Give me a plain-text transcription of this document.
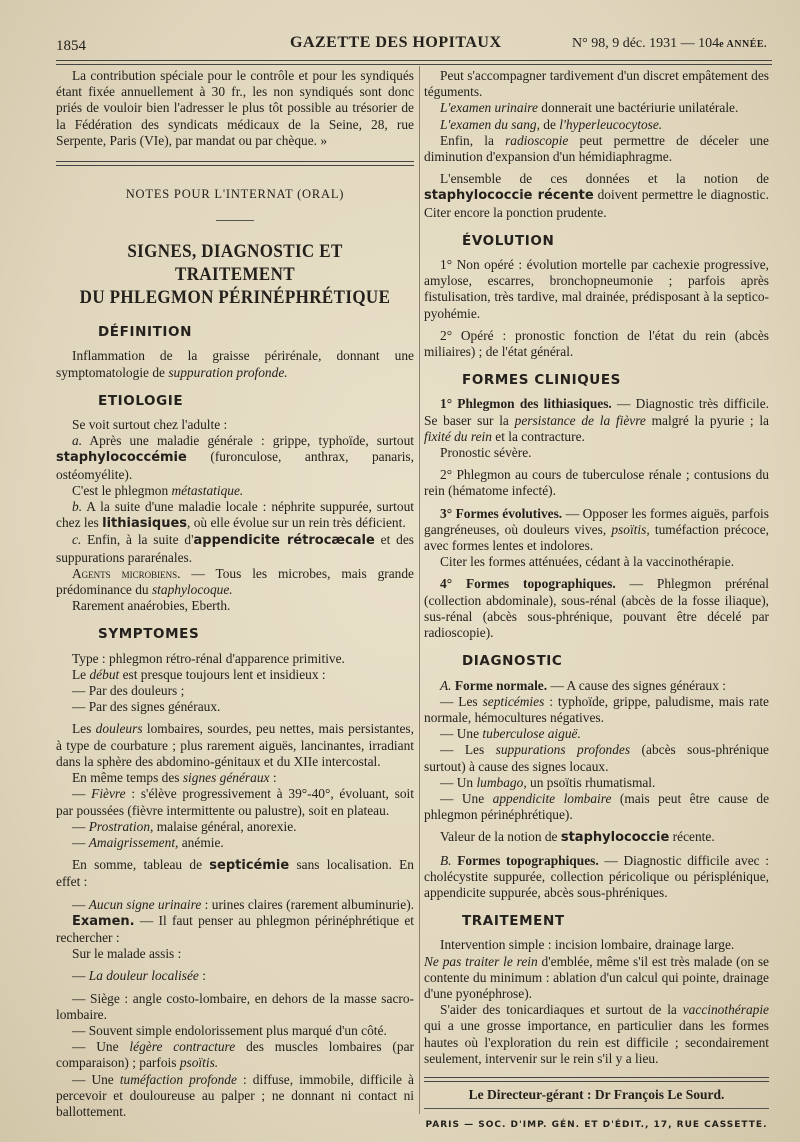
1854	GAZETTE DES HOPITAUX	N° 98, 9 déc. 1931 — 104e ANNÉE.

La contribution spéciale pour le contrôle et pour les syndiqués étant fixée annuellement à 30 fr., les non syndiqués sont donc priés de vouloir bien l'adresser le plus tôt possible au trésorier de la Fédération des syndicats médicaux de la Seine, 28, rue Serpente, Paris (VIe), par mandat ou par chèque. »

NOTES POUR L'INTERNAT (ORAL)
SIGNES, DIAGNOSTIC ET TRAITEMENT
DU PHLEGMON PÉRINÉPHRÉTIQUE
DÉFINITION

Inflammation de la graisse périrénale, donnant une symptomatologie de suppuration profonde.

ETIOLOGIE

Se voit surtout chez l'adulte :

a. Après une maladie générale : grippe, typhoïde, surtout staphylococcémie (furonculose, anthrax, panaris, ostéomyélite).

C'est le phlegmon métastatique.

b. A la suite d'une maladie locale : néphrite suppurée, surtout chez les lithiasiques, où elle évolue sur un rein très déficient.

c. Enfin, à la suite d'appendicite rétrocæcale et des suppurations pararénales.

Agents microbiens. — Tous les microbes, mais grande prédominance du staphylocoque.

Rarement anaérobies, Eberth.

SYMPTOMES

Type : phlegmon rétro-rénal d'apparence primitive.

Le début est presque toujours lent et insidieux :

— Par des douleurs ;

— Par des signes généraux.

Les douleurs lombaires, sourdes, peu nettes, mais persistantes, à type de courbature ; plus rarement aiguës, lancinantes, irradiant dans la sphère des abdomino-génitaux et du XIIe intercostal.

En même temps des signes généraux :

— Fièvre : s'élève progressivement à 39°-40°, évoluant, soit par poussées (fièvre intermittente ou palustre), soit en plateau.

— Prostration, malaise général, anorexie.

— Amaigrissement, anémie.

En somme, tableau de septicémie sans localisation. En effet :

— Aucun signe urinaire : urines claires (rarement albuminurie).

Examen. — Il faut penser au phlegmon périnéphrétique et rechercher :

Sur le malade assis :

— La douleur localisée :

— Siège : angle costo-lombaire, en dehors de la masse sacro-lombaire.

— Souvent simple endolorissement plus marqué d'un côté.

— Une légère contracture des muscles lombaires (par comparaison) ; parfois psoïtis.

— Une tuméfaction profonde : diffuse, immobile, difficile à percevoir et douloureuse au palper ; ne donnant ni contact ni ballottement.

Peut s'accompagner tardivement d'un discret empâtement des téguments.

L'examen urinaire donnerait une bactériurie unilatérale.

L'examen du sang, de l'hyperleucocytose.

Enfin, la radioscopie peut permettre de déceler une diminution d'expansion d'un hémidiaphragme.

L'ensemble de ces données et la notion de staphylococcie récente doivent permettre le diagnostic. Citer encore la ponction prudente.

ÉVOLUTION

1° Non opéré : évolution mortelle par cachexie progressive, amylose, escarres, bronchopneumonie ; parfois après fistulisation, très tardive, mal drainée, prédisposant à la septico-pyohémie.

2° Opéré : pronostic fonction de l'état du rein (abcès miliaires) ; de l'état général.

FORMES CLINIQUES

1° Phlegmon des lithiasiques. — Diagnostic très difficile. Se baser sur la persistance de la fièvre malgré la pyurie ; la fixité du rein et la contracture.

Pronostic sévère.

2° Phlegmon au cours de tuberculose rénale ; contusions du rein (hématome infecté).

3° Formes évolutives. — Opposer les formes aiguës, parfois gangréneuses, où douleurs vives, psoïtis, tuméfaction précoce, avec formes lentes et indolores.

Citer les formes atténuées, cédant à la vaccinothérapie.

4° Formes topographiques. — Phlegmon prérénal (collection abdominale), sous-rénal (abcès de la fosse iliaque), sus-rénal (abcès sous-phrénique, pouvant être décelé par radioscopie).

DIAGNOSTIC

A. Forme normale. — A cause des signes généraux :

— Les septicémies : typhoïde, grippe, paludisme, mais rate normale, hémocultures négatives.

— Une tuberculose aiguë.

— Les suppurations profondes (abcès sous-phrénique surtout) à cause des signes locaux.

— Un lumbago, un psoïtis rhumatismal.

— Une appendicite lombaire (mais peut être cause de phlegmon périnéphrétique).

Valeur de la notion de staphylococcie récente.

B. Formes topographiques. — Diagnostic difficile avec : cholécystite suppurée, collection péricolique ou périsplénique, appendicite suppurée, abcès sous-phréniques.

TRAITEMENT

Intervention simple : incision lombaire, drainage large.

Ne pas traiter le rein d'emblée, même s'il est très malade (on se contente du minimum : ablation d'un calcul qui pointe, drainage d'une pyonéphrose).

S'aider des tonicardiaques et surtout de la vaccinothérapie qui a une grosse importance, en particulier dans les formes hautes où l'exploration du rein est difficile ; secondairement seulement, intervenir sur le rein s'il y a lieu.

Le Directeur-gérant : Dr François Le Sourd.
PARIS — SOC. D'IMP. GÉN. ET D'ÉDIT., 17, RUE CASSETTE.
